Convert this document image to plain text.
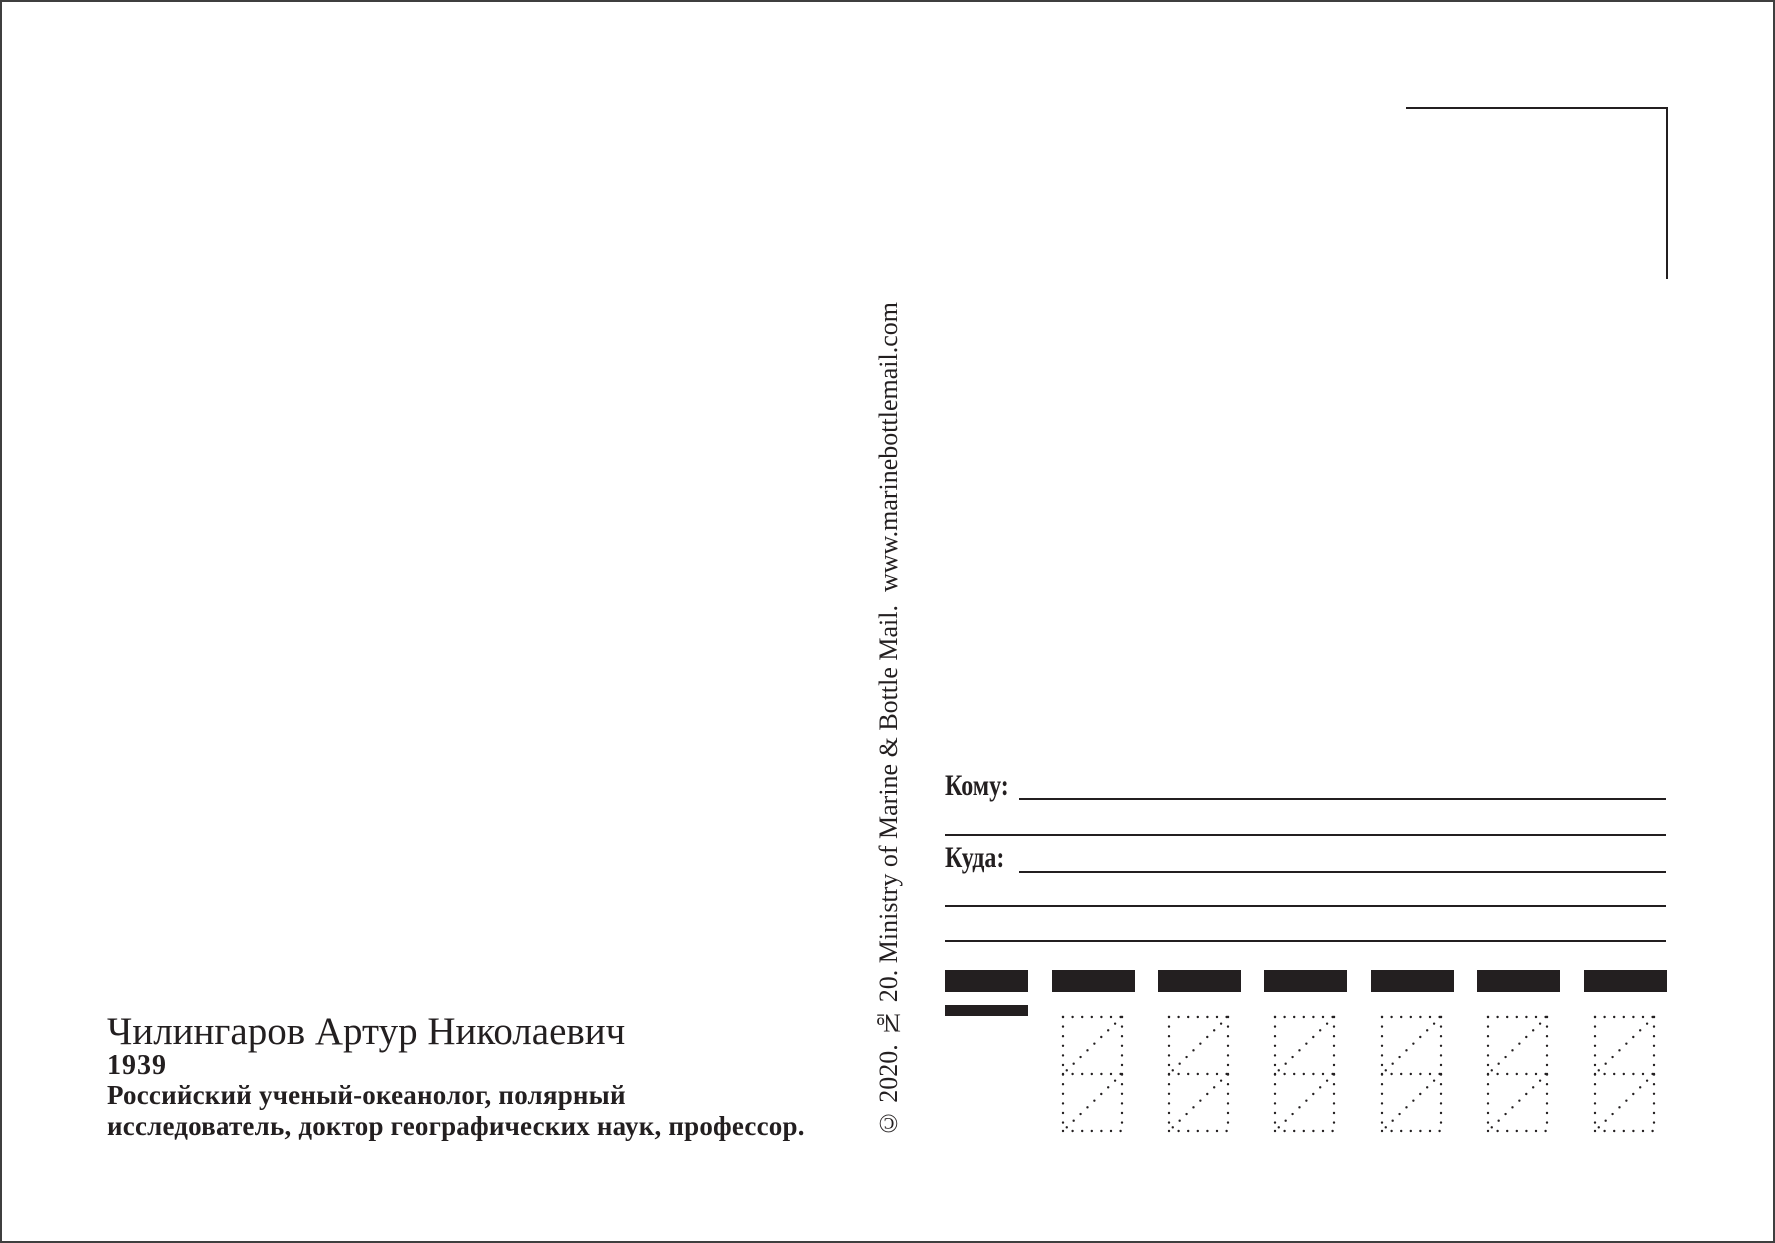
© 2020. № 20. Ministry of Marine & Bottle Mail.  www.marinebottlemail.com
Кому:
Куда:
Чилингаров Артур Николаевич
1939
Российский ученый-океанолог, полярный
исследователь, доктор географических наук, профессор.
